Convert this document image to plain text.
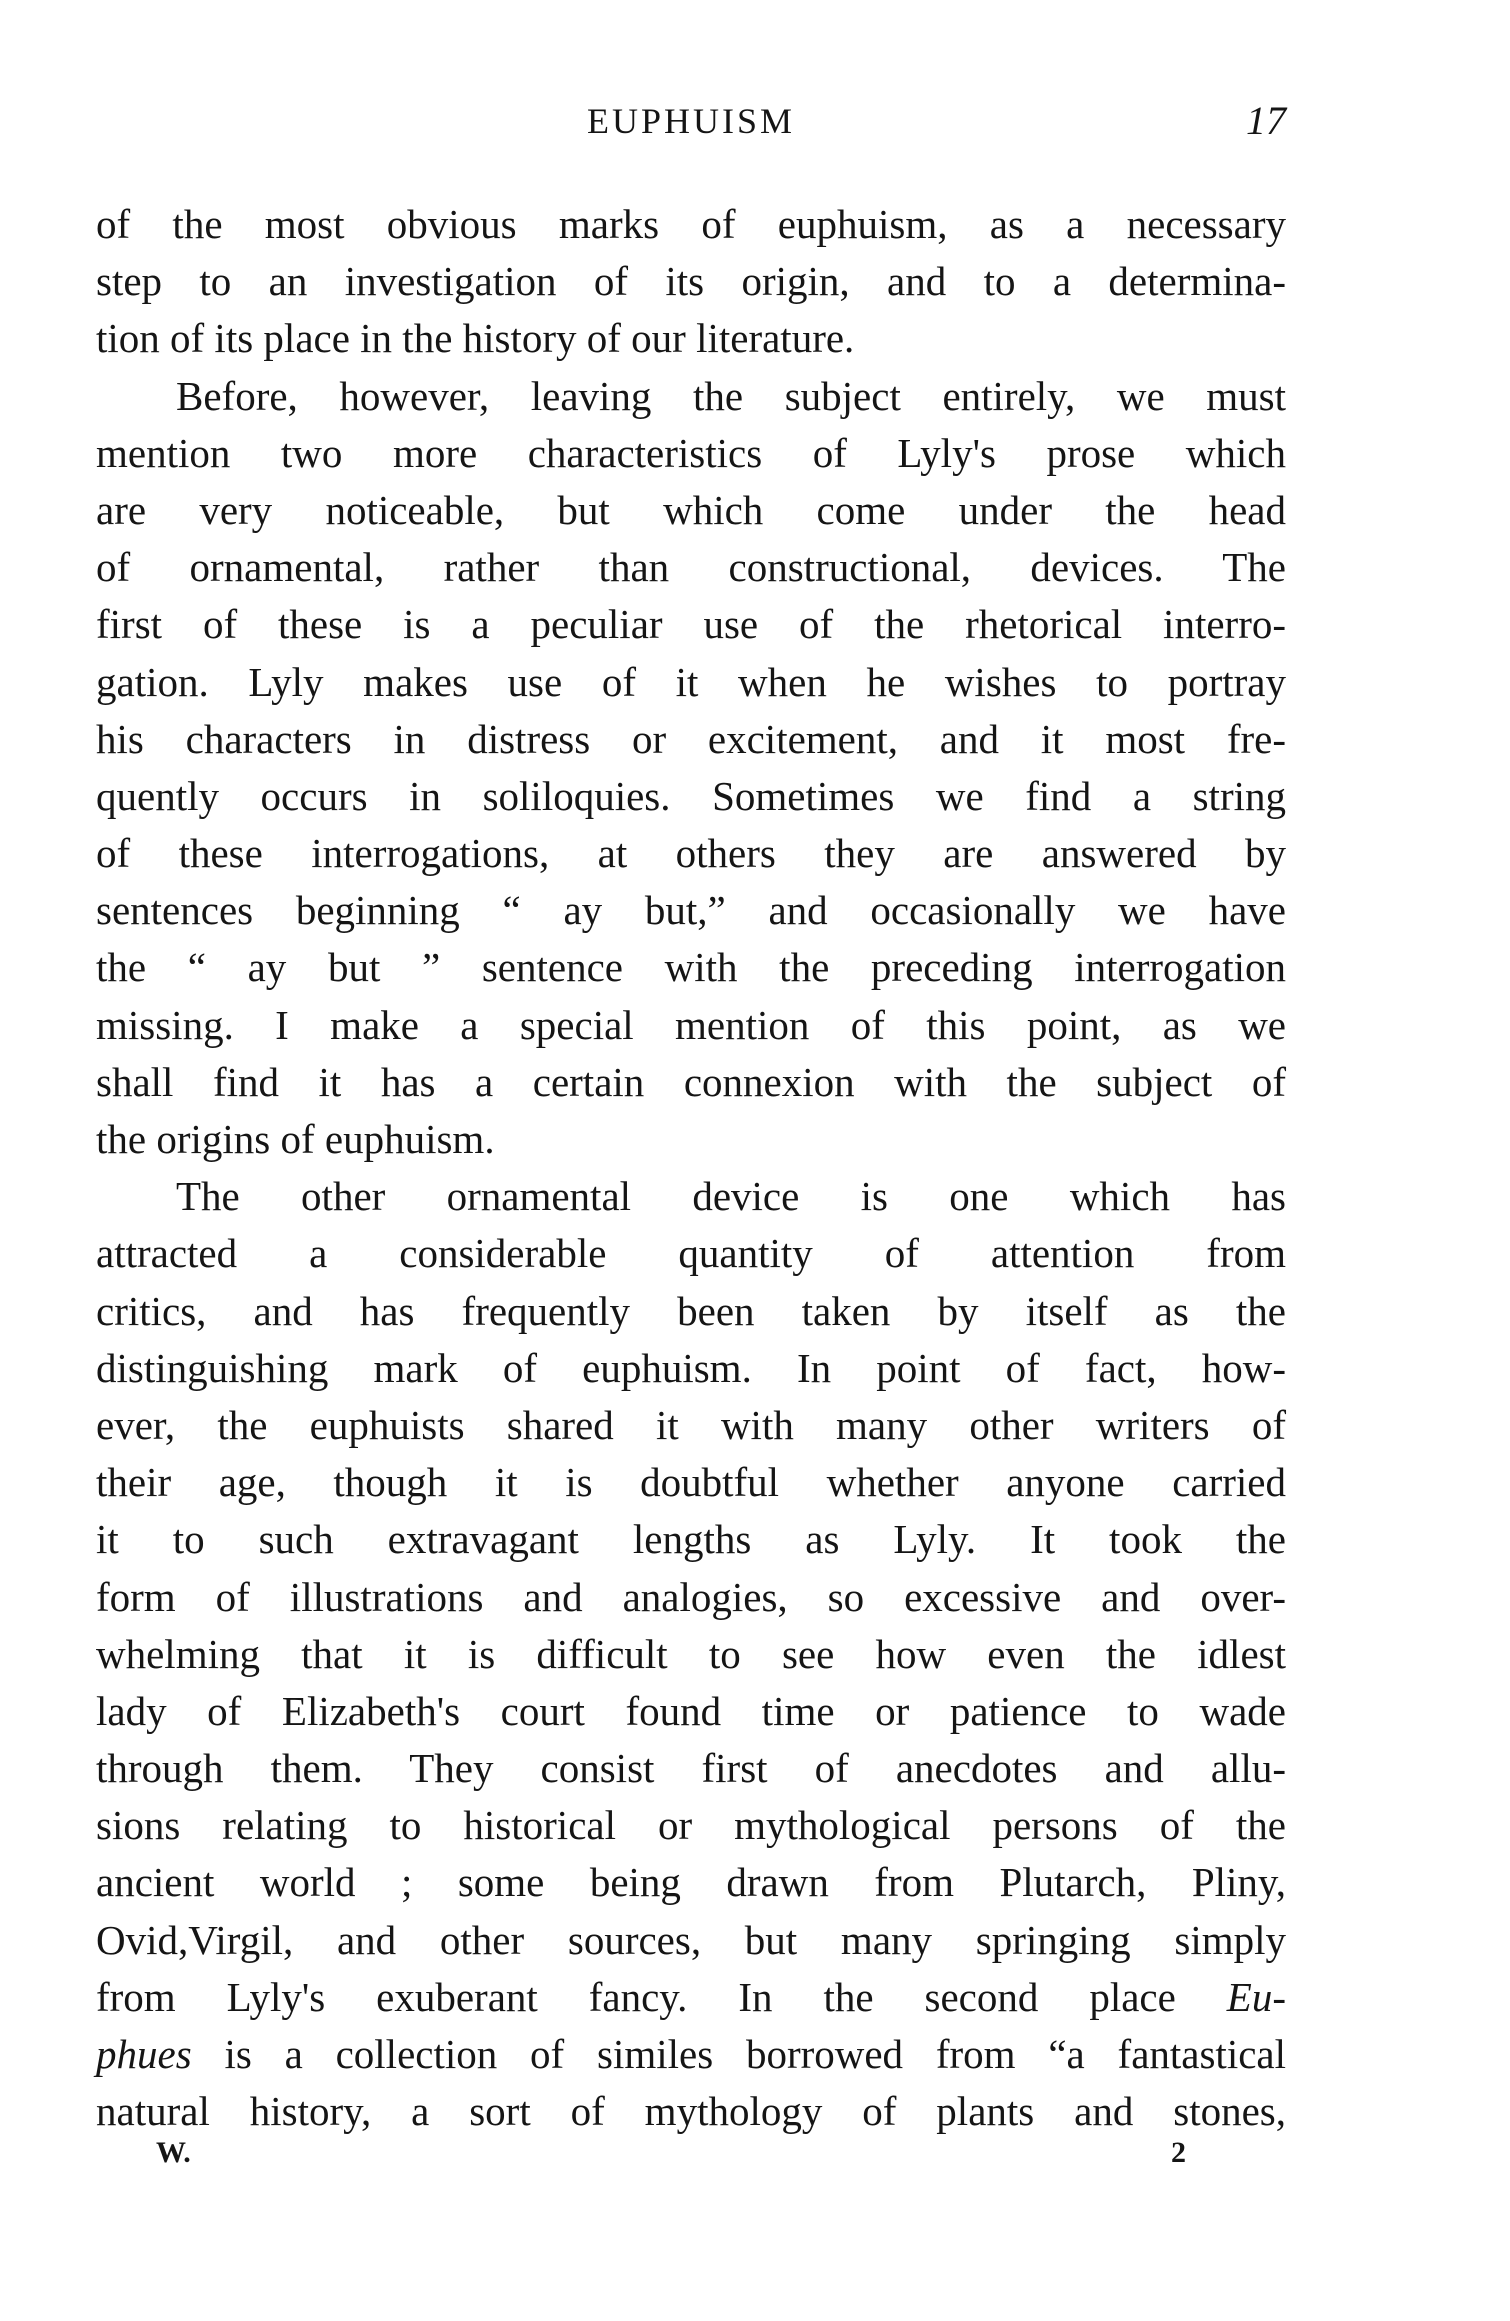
EUPHUISM	17
of the most obvious marks of euphuism, as a necessary
step to an investigation of its origin, and to a determina-
tion of its place in the history of our literature.
Before, however, leaving the subject entirely, we must
mention two more characteristics of Lyly's prose which
are very noticeable, but which come under the head
of ornamental, rather than constructional, devices. The
first of these is a peculiar use of the rhetorical interro-
gation. Lyly makes use of it when he wishes to portray
his characters in distress or excitement, and it most fre-
quently occurs in soliloquies. Sometimes we find a string
of these interrogations, at others they are answered by
sentences beginning “ ay but,” and occasionally we have
the “ ay but ” sentence with the preceding interrogation
missing. I make a special mention of this point, as we
shall find it has a certain connexion with the subject of
the origins of euphuism.
The other ornamental device is one which has
attracted a considerable quantity of attention from
critics, and has frequently been taken by itself as the
distinguishing mark of euphuism. In point of fact, how-
ever, the euphuists shared it with many other writers of
their age, though it is doubtful whether anyone carried
it to such extravagant lengths as Lyly. It took the
form of illustrations and analogies, so excessive and over-
whelming that it is difficult to see how even the idlest
lady of Elizabeth's court found time or patience to wade
through them. They consist first of anecdotes and allu-
sions relating to historical or mythological persons of the
ancient world ; some being drawn from Plutarch, Pliny,
Ovid,Virgil, and other sources, but many springing simply
from Lyly's exuberant fancy. In the second place Eu-
phues is a collection of similes borrowed from “a fantastical
natural history, a sort of mythology of plants and stones,
W.	2
